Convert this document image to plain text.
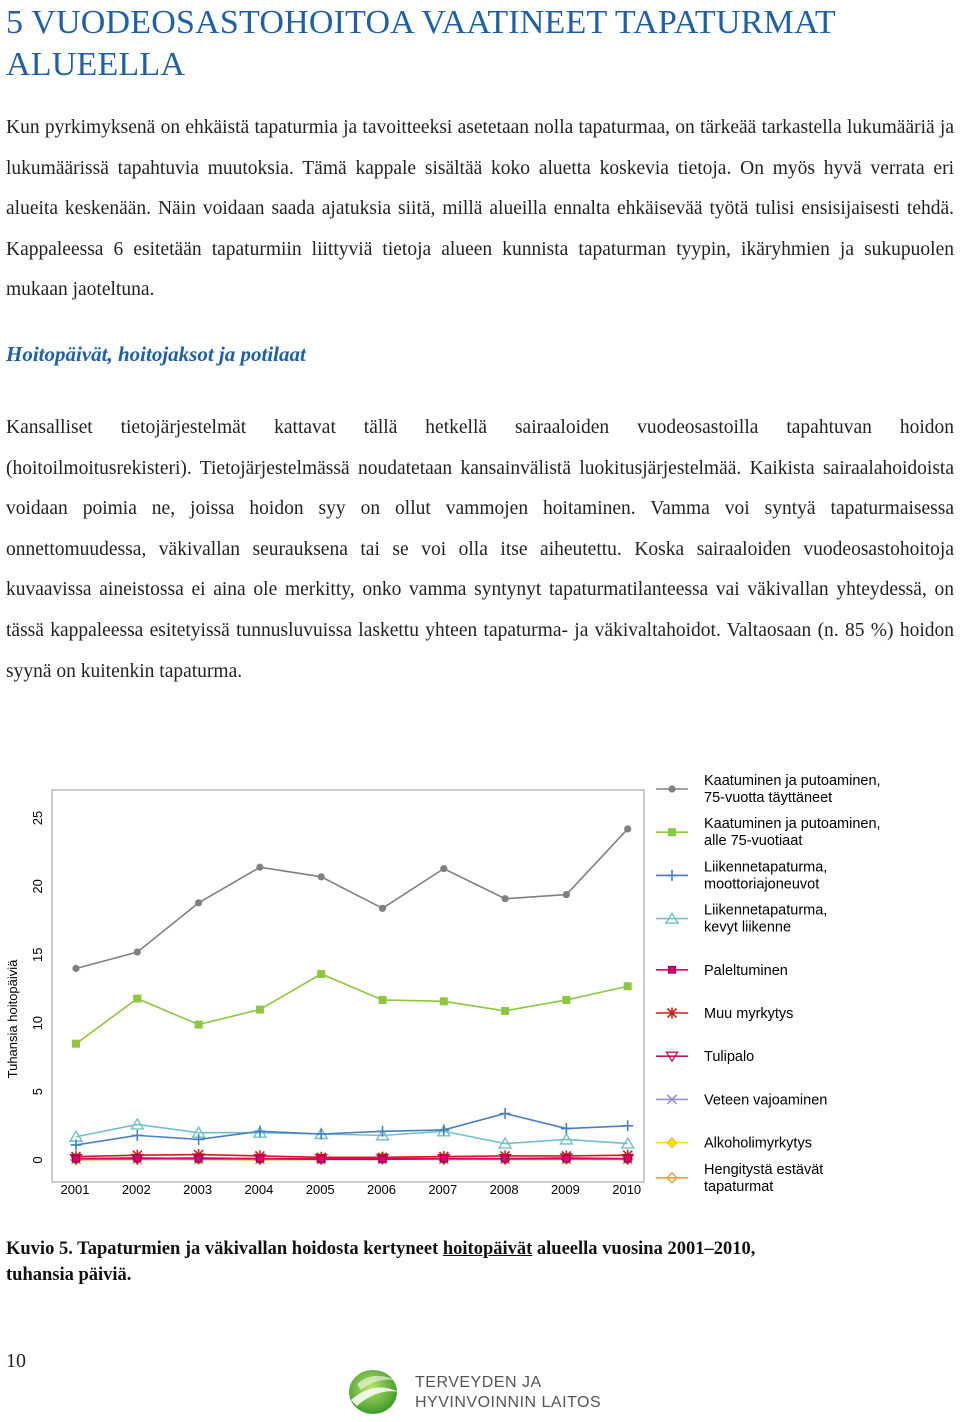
5 VUODEOSASTOHOITOA VAATINEET TAPATURMAT ALUEELLA

Kun pyrkimyksenä on ehkäistä tapaturmia ja tavoitteeksi asetetaan nolla tapaturmaa, on tärkeää tarkastella lukumääriä ja lukumäärissä tapahtuvia muutoksia. Tämä kappale sisältää koko aluetta koskevia tietoja. On myös hyvä verrata eri alueita keskenään. Näin voidaan saada ajatuksia siitä, millä alueilla ennalta ehkäisevää työtä tulisi ensisijaisesti tehdä. Kappaleessa 6 esitetään tapaturmiin liittyviä tietoja alueen kunnista tapaturman tyypin, ikäryhmien ja sukupuolen mukaan jaoteltuna.

Hoitopäivät, hoitojaksot ja potilaat

Kansalliset tietojärjestelmät kattavat tällä hetkellä sairaaloiden vuodeosastoilla tapahtuvan hoidon (hoitoilmoitusrekisteri). Tietojärjestelmässä noudatetaan kansainvälistä luokitusjärjestelmää. Kaikista sairaalahoidoista voidaan poimia ne, joissa hoidon syy on ollut vammojen hoitaminen. Vamma voi syntyä tapaturmaisessa onnettomuudessa, väkivallan seurauksena tai se voi olla itse aiheutettu. Koska sairaaloiden vuodeosastohoitoja kuvaavissa aineistossa ei aina ole merkitty, onko vamma syntynyt tapaturmatilanteessa vai väkivallan yhteydessä, on tässä kappaleessa esitetyissä tunnusluvuissa laskettu yhteen tapaturma- ja väkivaltahoidot. Valtaosaan (n. 85 %) hoidon syynä on kuitenkin tapaturma.

0
5
10
15
20
25
Tuhansia hoitopäiviä
2001 2002 2003 2004 2005 2006 2007 2008 2009 2010
Kaatuminen ja putoaminen,
75-vuotta täyttäneet
Kaatuminen ja putoaminen,
alle 75-vuotiaat
Liikennetapaturma,
moottoriajoneuvot
Liikennetapaturma,
kevyt liikenne
Paleltuminen
Muu myrkytys
Tulipalo
Veteen vajoaminen
Alkoholimyrkytys
Hengitystä estävät
tapaturmat

Kuvio 5. Tapaturmien ja väkivallan hoidosta kertyneet hoitopäivät alueella vuosina 2001–2010, tuhansia päiviä.

10
TERVEYDEN JA
HYVINVOINNIN LAITOS
